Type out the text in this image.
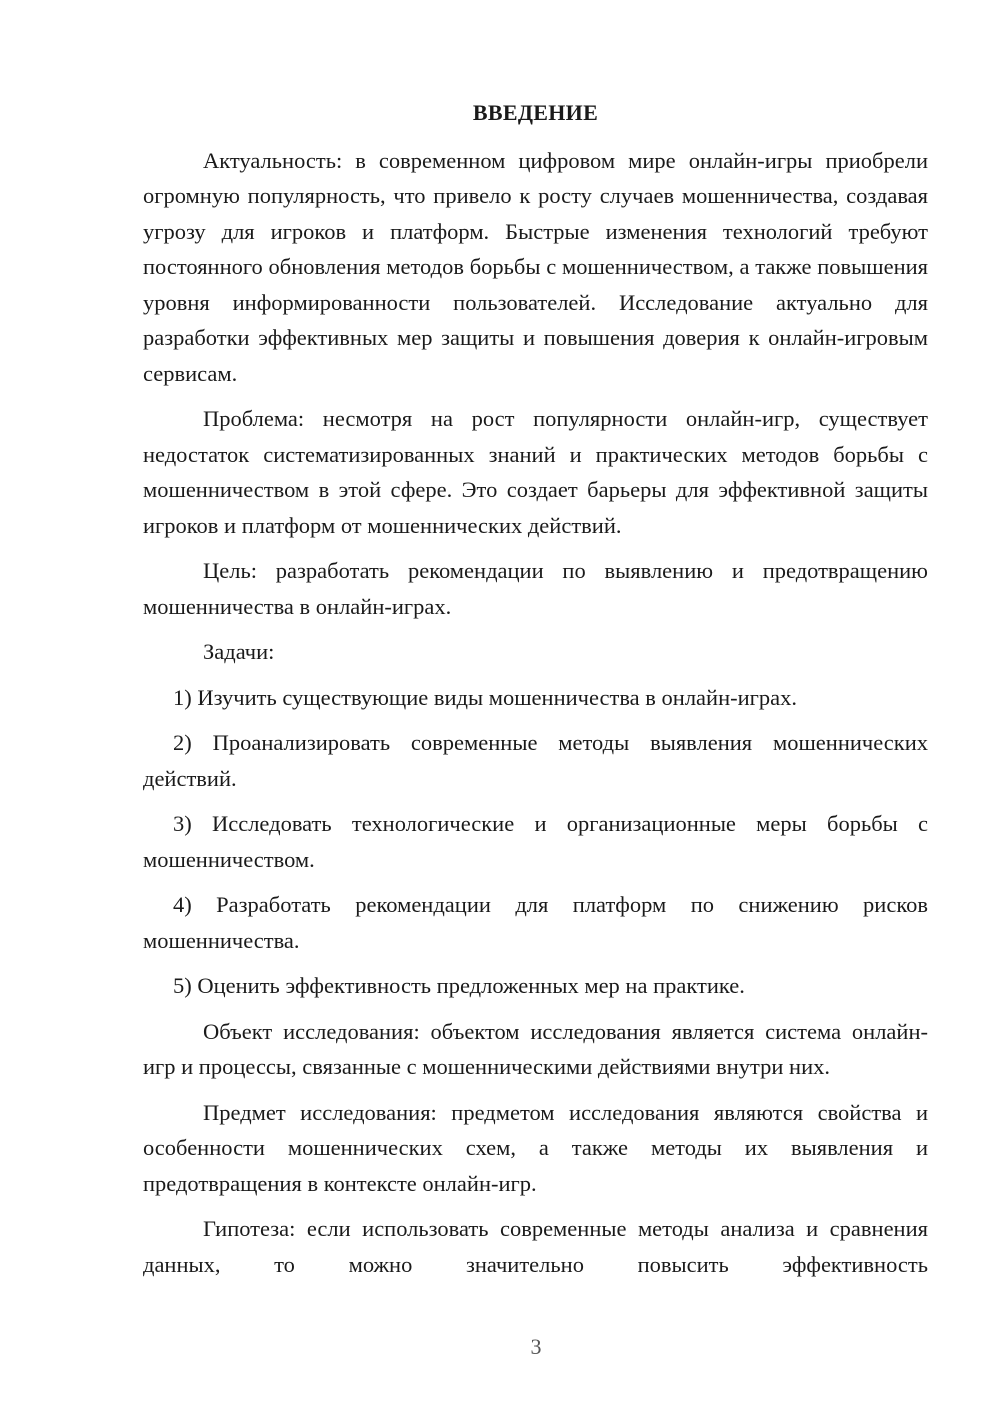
ВВЕДЕНИЕ
Актуальность: в современном цифровом мире онлайн-игры приобрели огромную популярность, что привело к росту случаев мошенничества, создавая угрозу для игроков и платформ. Быстрые изменения технологий требуют постоянного обновления методов борьбы с мошенничеством, а также повышения уровня информированности пользователей. Исследование актуально для разработки эффективных мер защиты и повышения доверия к онлайн-игровым сервисам.
Проблема: несмотря на рост популярности онлайн-игр, существует недостаток систематизированных знаний и практических методов борьбы с мошенничеством в этой сфере. Это создает барьеры для эффективной защиты игроков и платформ от мошеннических действий.
Цель: разработать рекомендации по выявлению и предотвращению мошенничества в онлайн-играх.
Задачи:
1) Изучить существующие виды мошенничества в онлайн-играх.
2) Проанализировать современные методы выявления мошеннических действий.
3) Исследовать технологические и организационные меры борьбы с мошенничеством.
4) Разработать рекомендации для платформ по снижению рисков мошенничества.
5) Оценить эффективность предложенных мер на практике.
Объект исследования: объектом исследования является система онлайн-игр и процессы, связанные с мошенническими действиями внутри них.
Предмет исследования: предметом исследования являются свойства и особенности мошеннических схем, а также методы их выявления и предотвращения в контексте онлайн-игр.
Гипотеза: если использовать современные методы анализа и сравнения данных, то можно значительно повысить эффективность
3
